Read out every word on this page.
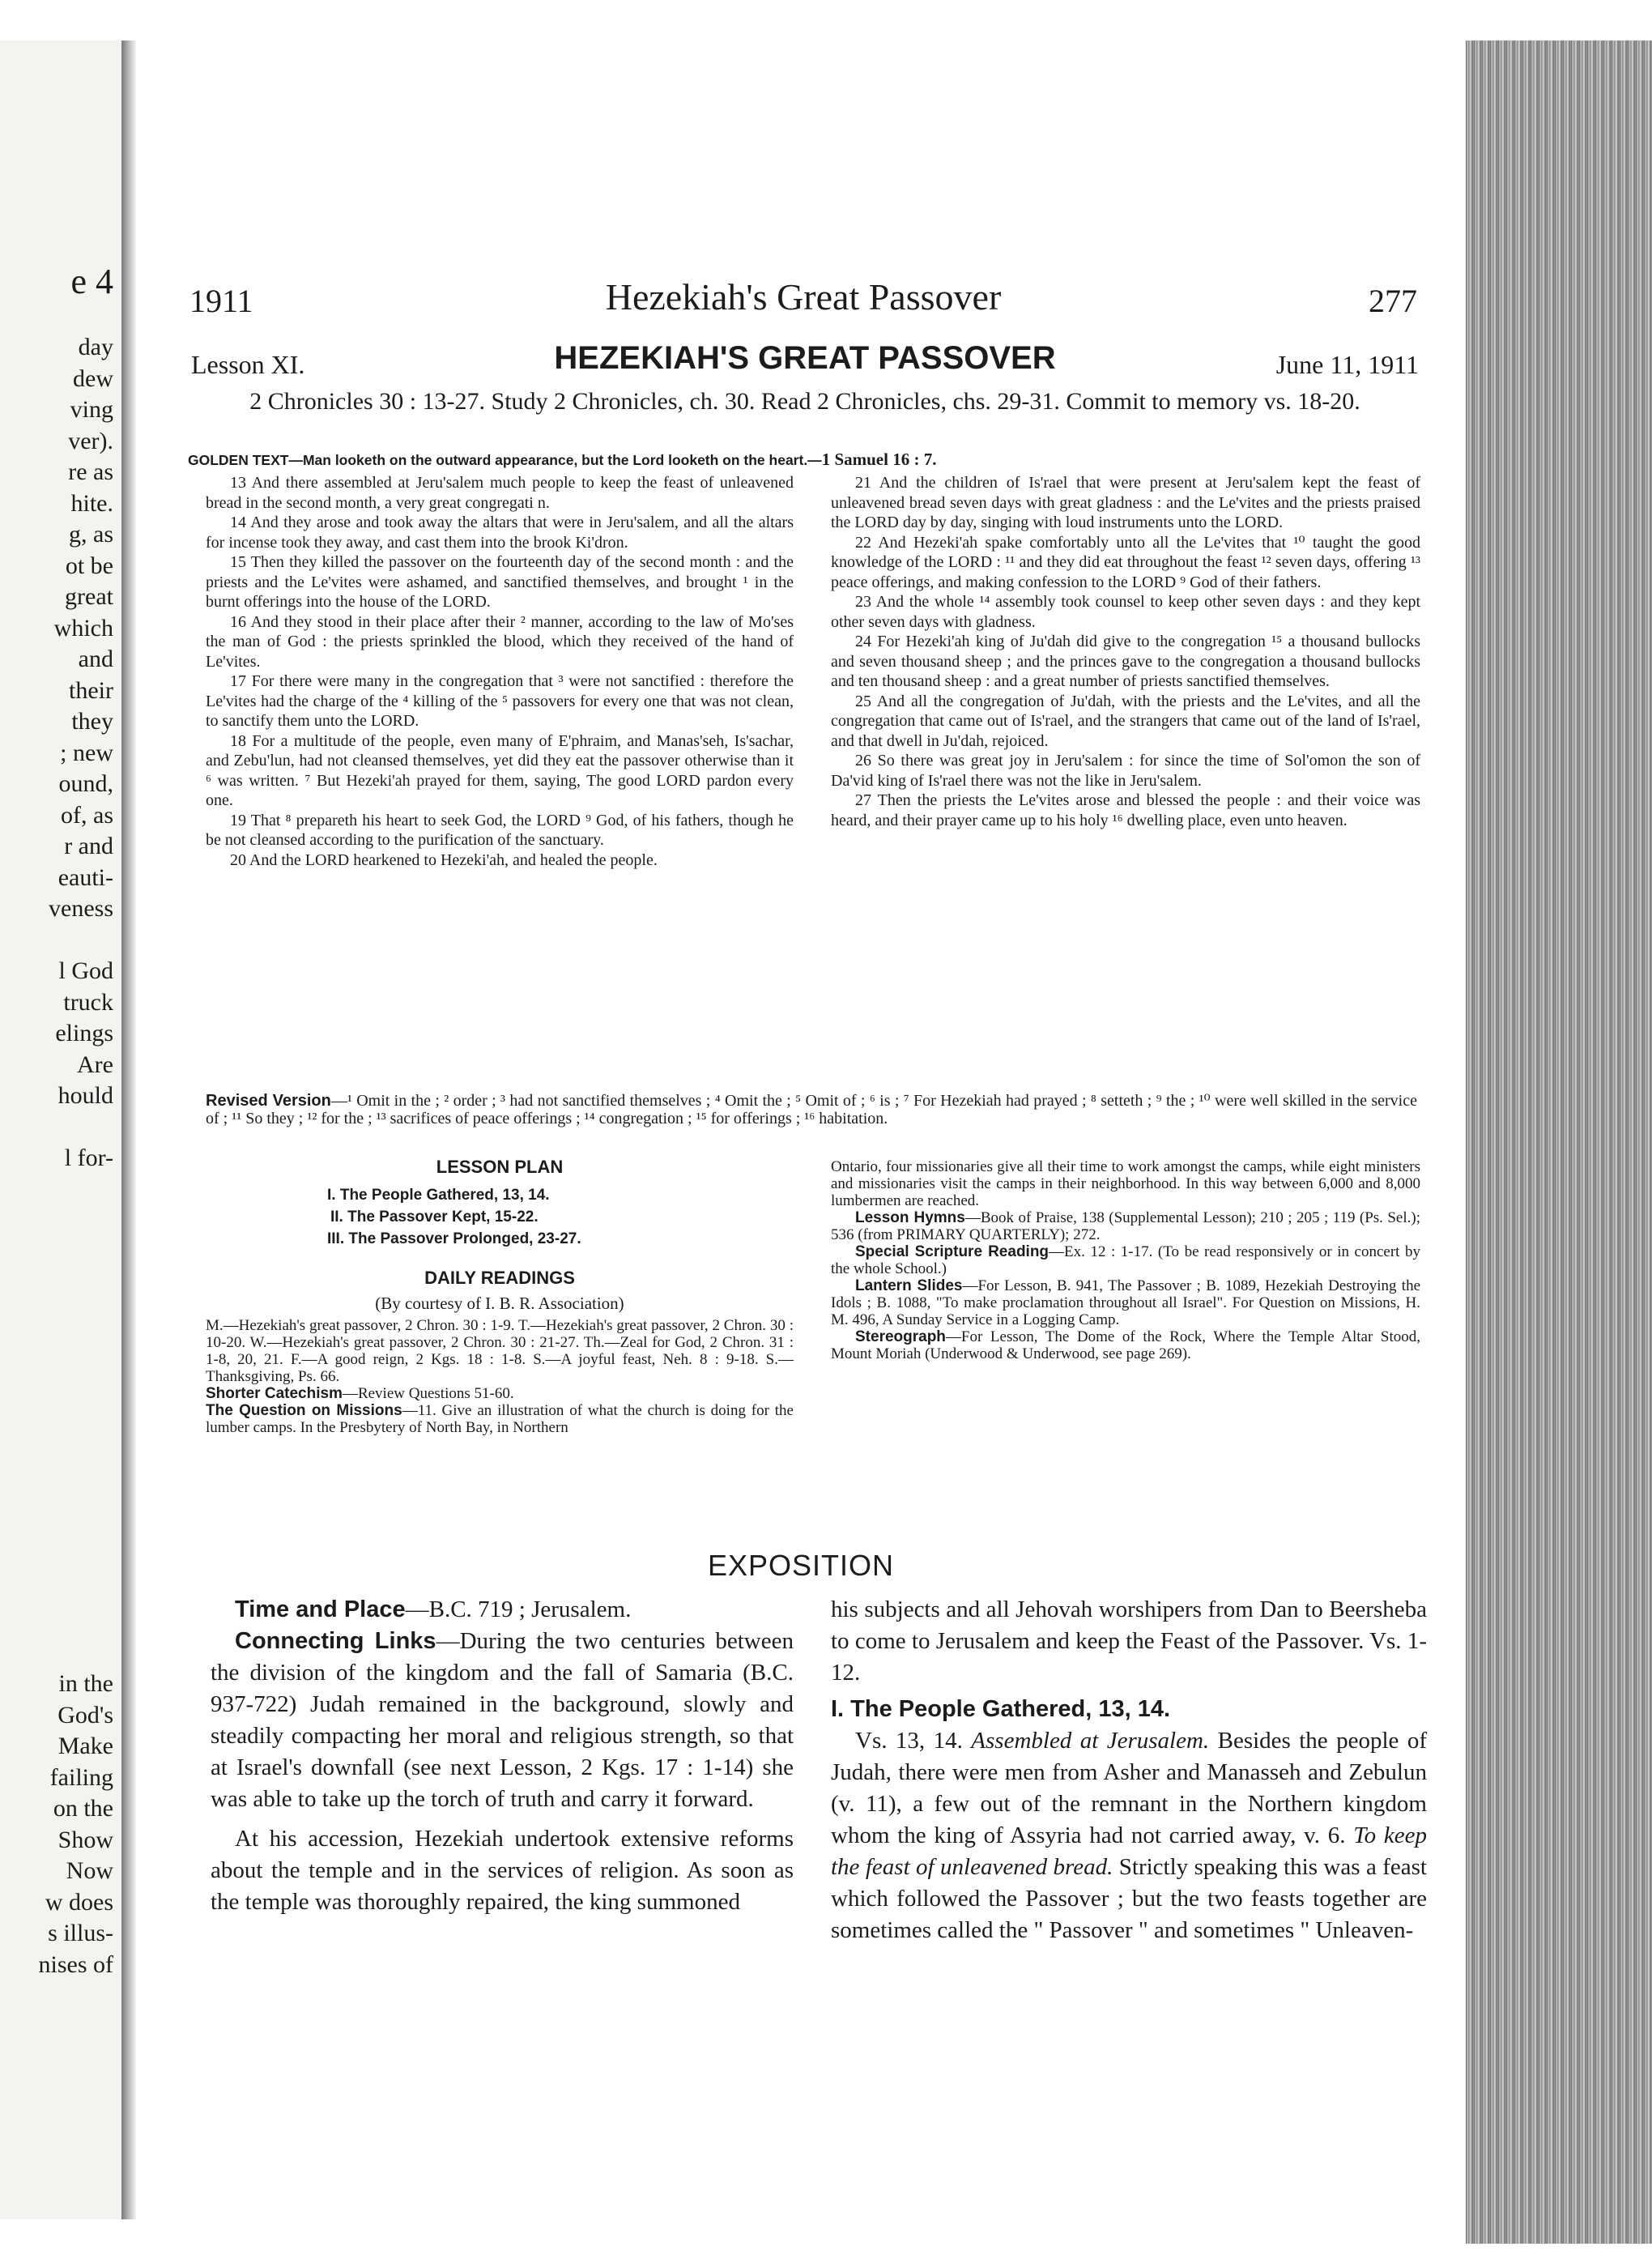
e 4
day
dew
ving
ver).
re as
hite.
g, as
ot be
great
which
and
their
they
; new
ound,
of, as
r and
eauti-
veness
l God
truck
elings
Are
hould
l for-
in the
God's
Make
failing
on the
Show
Now
w does
s illus-
nises of
1911	Hezekiah's Great Passover	277
Lesson XI.	HEZEKIAH'S GREAT PASSOVER	June 11, 1911
2 Chronicles 30 : 13-27. Study 2 Chronicles, ch. 30. Read 2 Chronicles, chs. 29-31. Commit to memory vs. 18-20.
GOLDEN TEXT—Man looketh on the outward appearance, but the Lord looketh on the heart.—1 Samuel 16 : 7.

13 And there assembled at Jeru'salem much people to keep the feast of unleavened bread in the second month, a very great congregati n.

14 And they arose and took away the altars that were in Jeru'salem, and all the altars for incense took they away, and cast them into the brook Ki'dron.

15 Then they killed the passover on the fourteenth day of the second month : and the priests and the Le'vites were ashamed, and sanctified themselves, and brought ¹ in the burnt offerings into the house of the LORD.

16 And they stood in their place after their ² manner, according to the law of Mo'ses the man of God : the priests sprinkled the blood, which they received of the hand of Le'vites.

17 For there were many in the congregation that ³ were not sanctified : therefore the Le'vites had the charge of the ⁴ killing of the ⁵ passovers for every one that was not clean, to sanctify them unto the LORD.

18 For a multitude of the people, even many of E'phraim, and Manas'seh, Is'sachar, and Zebu'lun, had not cleansed themselves, yet did they eat the passover otherwise than it ⁶ was written. ⁷ But Hezeki'ah prayed for them, saying, The good LORD pardon every one.

19 That ⁸ prepareth his heart to seek God, the LORD ⁹ God, of his fathers, though he be not cleansed according to the purification of the sanctuary.

20 And the LORD hearkened to Hezeki'ah, and healed the people.

21 And the children of Is'rael that were present at Jeru'salem kept the feast of unleavened bread seven days with great gladness : and the Le'vites and the priests praised the LORD day by day, singing with loud instruments unto the LORD.

22 And Hezeki'ah spake comfortably unto all the Le'vites that ¹⁰ taught the good knowledge of the LORD : ¹¹ and they did eat throughout the feast ¹² seven days, offering ¹³ peace offerings, and making confession to the LORD ⁹ God of their fathers.

23 And the whole ¹⁴ assembly took counsel to keep other seven days : and they kept other seven days with gladness.

24 For Hezeki'ah king of Ju'dah did give to the congregation ¹⁵ a thousand bullocks and seven thousand sheep ; and the princes gave to the congregation a thousand bullocks and ten thousand sheep : and a great number of priests sanctified themselves.

25 And all the congregation of Ju'dah, with the priests and the Le'vites, and all the congregation that came out of Is'rael, and the strangers that came out of the land of Is'rael, and that dwell in Ju'dah, rejoiced.

26 So there was great joy in Jeru'salem : for since the time of Sol'omon the son of Da'vid king of Is'rael there was not the like in Jeru'salem.

27 Then the priests the Le'vites arose and blessed the people : and their voice was heard, and their prayer came up to his holy ¹⁶ dwelling place, even unto heaven.

Revised Version—¹ Omit in the ; ² order ; ³ had not sanctified themselves ; ⁴ Omit the ; ⁵ Omit of ; ⁶ is ; ⁷ For Hezekiah had prayed ; ⁸ setteth ; ⁹ the ; ¹⁰ were well skilled in the service of ; ¹¹ So they ; ¹² for the ; ¹³ sacrifices of peace offerings ; ¹⁴ congregation ; ¹⁵ for offerings ; ¹⁶ habitation.

LESSON PLAN

I. The People Gathered, 13, 14.

II. The Passover Kept, 15-22.

III. The Passover Prolonged, 23-27.

DAILY READINGS

(By courtesy of I. B. R. Association)

M.—Hezekiah's great passover, 2 Chron. 30 : 1-9. T.—Hezekiah's great passover, 2 Chron. 30 : 10-20. W.—Hezekiah's great passover, 2 Chron. 30 : 21-27. Th.—Zeal for God, 2 Chron. 31 : 1-8, 20, 21. F.—A good reign, 2 Kgs. 18 : 1-8. S.—A joyful feast, Neh. 8 : 9-18. S.—Thanksgiving, Ps. 66.

Shorter Catechism—Review Questions 51-60.

The Question on Missions—11. Give an illustration of what the church is doing for the lumber camps. In the Presbytery of North Bay, in Northern

Ontario, four missionaries give all their time to work amongst the camps, while eight ministers and missionaries visit the camps in their neighborhood. In this way between 6,000 and 8,000 lumbermen are reached.

Lesson Hymns—Book of Praise, 138 (Supplemental Lesson); 210 ; 205 ; 119 (Ps. Sel.); 536 (from PRIMARY QUARTERLY); 272.

Special Scripture Reading—Ex. 12 : 1-17. (To be read responsively or in concert by the whole School.)

Lantern Slides—For Lesson, B. 941, The Passover ; B. 1089, Hezekiah Destroying the Idols ; B. 1088, "To make proclamation throughout all Israel". For Question on Missions, H. M. 496, A Sunday Service in a Logging Camp.

Stereograph—For Lesson, The Dome of the Rock, Where the Temple Altar Stood, Mount Moriah (Underwood & Underwood, see page 269).

EXPOSITION

Time and Place—B.C. 719 ; Jerusalem.

Connecting Links—During the two centuries between the division of the kingdom and the fall of Samaria (B.C. 937-722) Judah remained in the background, slowly and steadily compacting her moral and religious strength, so that at Israel's downfall (see next Lesson, 2 Kgs. 17 : 1-14) she was able to take up the torch of truth and carry it forward.

At his accession, Hezekiah undertook extensive reforms about the temple and in the services of religion. As soon as the temple was thoroughly repaired, the king summoned

his subjects and all Jehovah worshipers from Dan to Beersheba to come to Jerusalem and keep the Feast of the Passover. Vs. 1-12.

I. The People Gathered, 13, 14.

Vs. 13, 14. Assembled at Jerusalem. Besides the people of Judah, there were men from Asher and Manasseh and Zebulun (v. 11), a few out of the remnant in the Northern kingdom whom the king of Assyria had not carried away, v. 6. To keep the feast of unleavened bread. Strictly speaking this was a feast which followed the Passover ; but the two feasts together are sometimes called the " Passover " and sometimes " Unleaven-
